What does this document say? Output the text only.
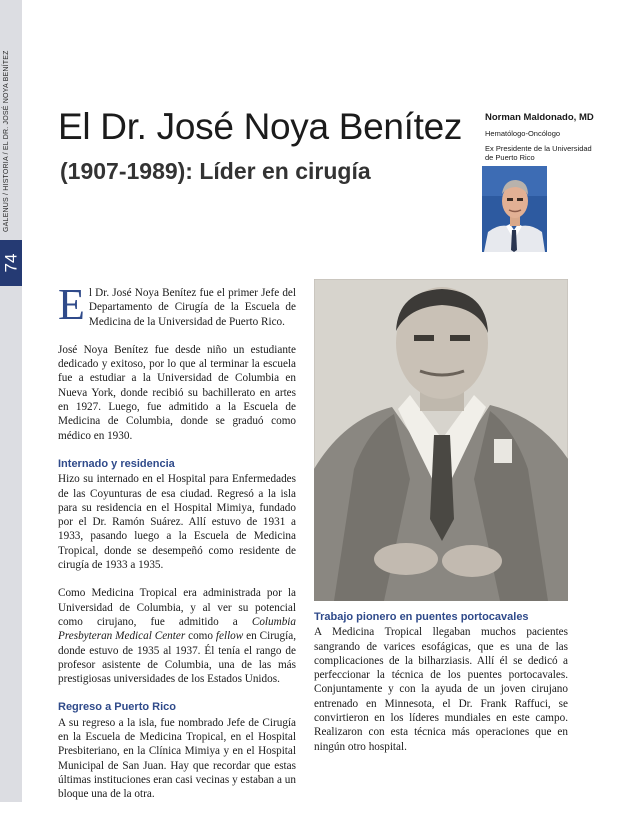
GALENUS / HISTORIA / EL DR. JOSÉ NOYA BENÍTEZ
74
El Dr. José Noya Benítez
(1907-1989): Líder en cirugía
Norman Maldonado, MD
Hematólogo-Oncólogo
Ex Presidente de la Universidad de Puerto Rico

El Dr. José Noya Benítez fue el primer Jefe del Departamento de Cirugía de la Escuela de Medicina de la Universidad de Puerto Rico.

José Noya Benítez fue desde niño un estudiante dedicado y exitoso, por lo que al terminar la escuela fue a estudiar a la Universidad de Columbia en Nueva York, donde recibió su bachillerato en artes en 1927. Luego, fue admitido a la Escuela de Medicina de Columbia, donde se graduó como médico en 1930.

Internado y residencia

Hizo su internado en el Hospital para Enfermedades de las Coyunturas de esa ciudad. Regresó a la isla para su residencia en el Hospital Mimiya, fundado por el Dr. Ramón Suárez. Allí estuvo de 1931 a 1933, pasando luego a la Escuela de Medicina Tropical, donde se desempeñó como residente de cirugía de 1933 a 1935.

Como Medicina Tropical era administrada por la Universidad de Columbia, y al ver su potencial como cirujano, fue admitido a Columbia Presbyteran Medical Center como fellow en Cirugía, donde estuvo de 1935 al 1937. Él tenía el rango de profesor asistente de Columbia, una de las más prestigiosas universidades de los Estados Unidos.

Regreso a Puerto Rico

A su regreso a la isla, fue nombrado Jefe de Cirugía en la Escuela de Medicina Tropical, en el Hospital Presbiteriano, en la Clínica Mimiya y en el Hospital Municipal de San Juan. Hay que recordar que estas últimas instituciones eran casi vecinas y estaban a un bloque una de la otra.

Trabajo pionero en puentes portocavales

A Medicina Tropical llegaban muchos pacientes sangrando de varices esofágicas, que es una de las complicaciones de la bilharziasis. Allí él se dedicó a perfeccionar la técnica de los puentes portocavales. Conjuntamente y con la ayuda de un joven cirujano entrenado en Minnesota, el Dr. Frank Raffuci, se convirtieron en los líderes mundiales en este campo. Realizaron con esta técnica más operaciones que en ningún otro hospital.
